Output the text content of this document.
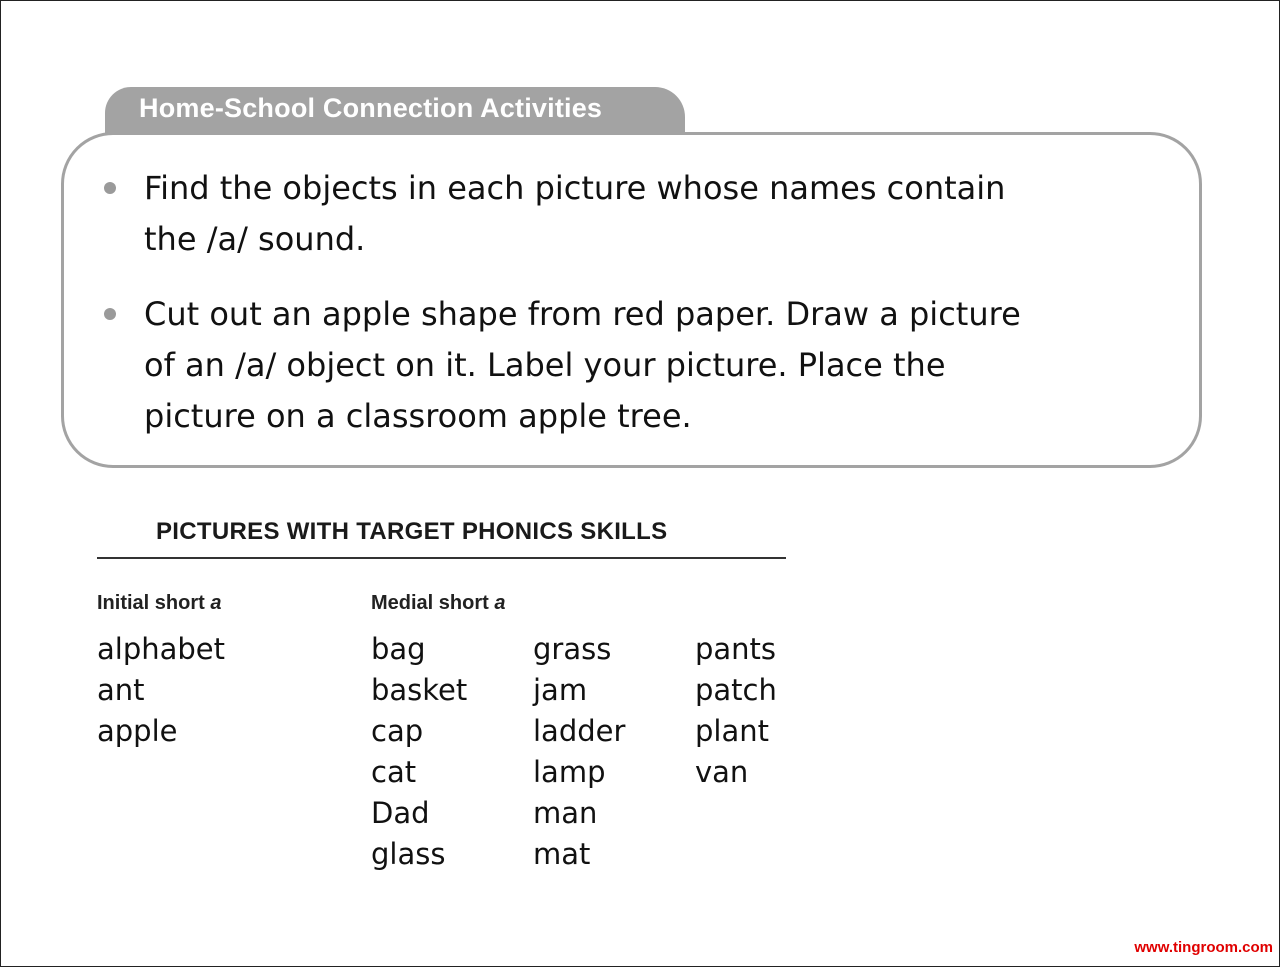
Home-School Connection Activities
Find the objects in each picture whose names contain
the /a/ sound.
Cut out an apple shape from red paper. Draw a picture
of an /a/ object on it. Label your picture. Place the
picture on a classroom apple tree.
PICTURES WITH TARGET PHONICS SKILLS
Initial short a	Medial short a
alphabet
ant
apple
bag
basket
cap
cat
Dad
glass
grass
jam
ladder
lamp
man
mat
pants
patch
plant
van
www.tingroom.com
